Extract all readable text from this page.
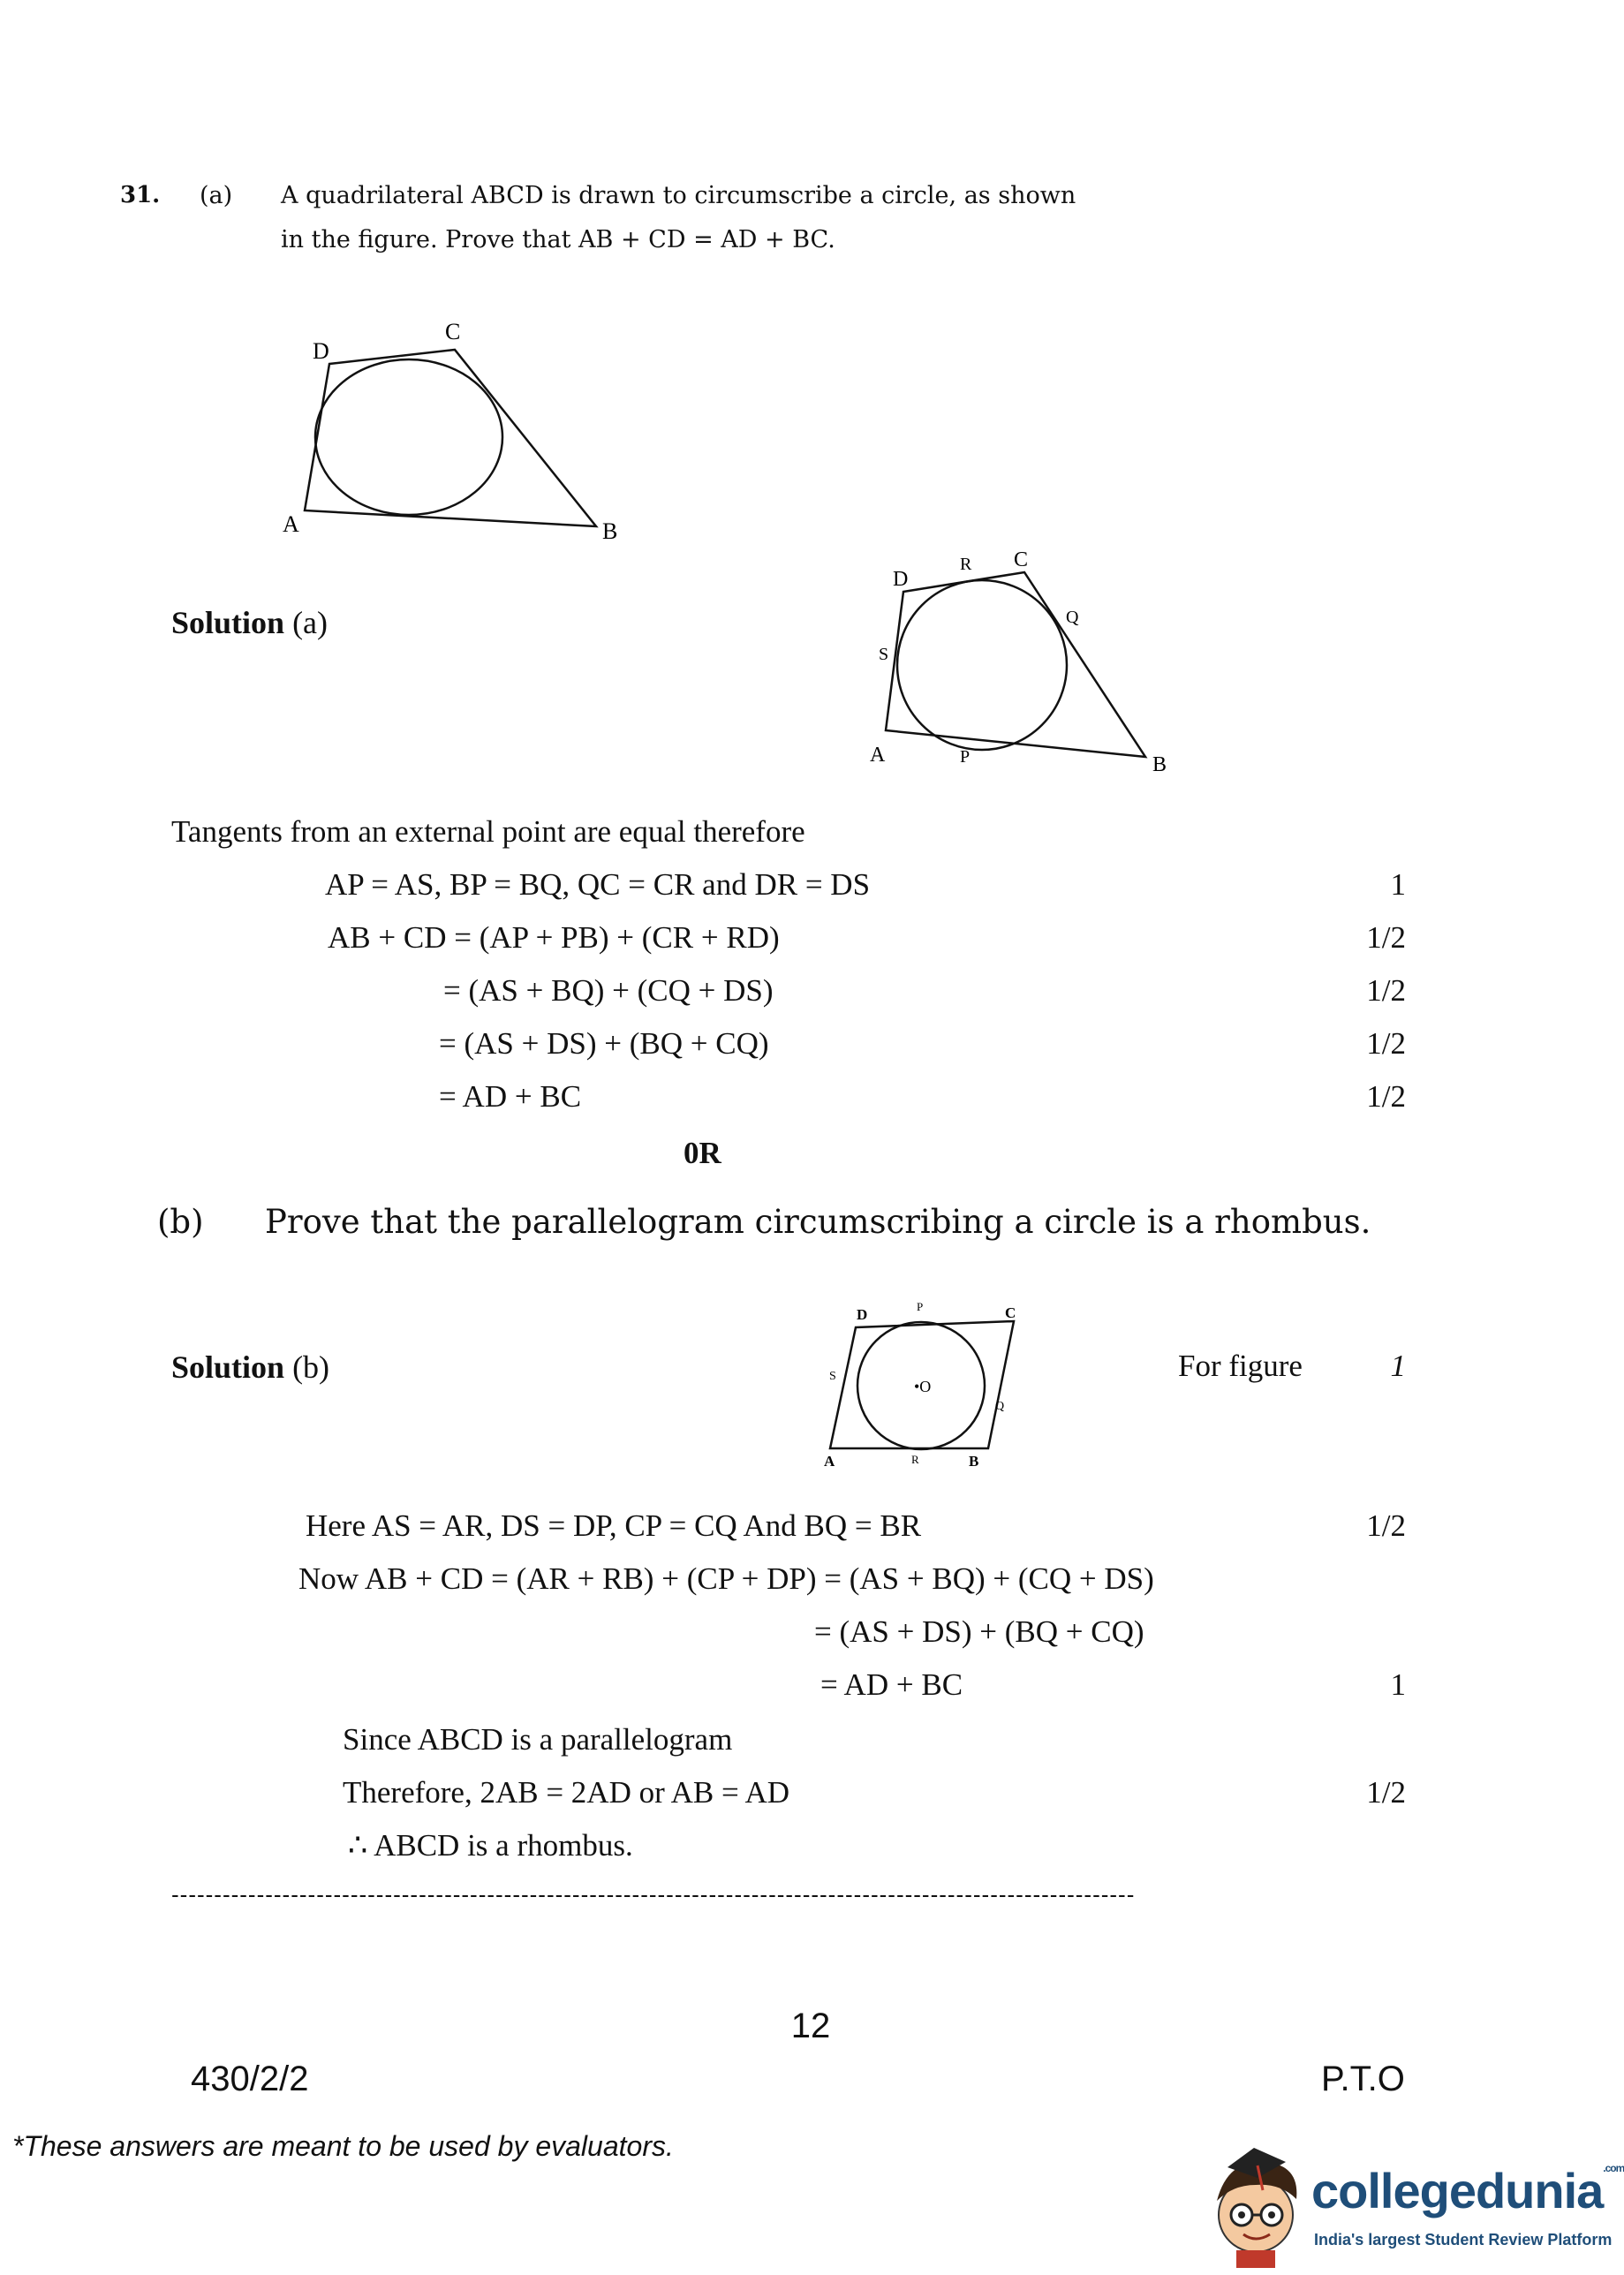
31. (a) A quadrilateral ABCD is drawn to circumscribe a circle, as shown
in the figure. Prove that AB + CD = AD + BC.
D
C
A	B
Solution (a)
D
R C
Q
S
A	P	B
Tangents from an external point are equal therefore
AP = AS, BP = BQ, QC = CR and DR = DS	1
AB + CD = (AP + PB) + (CR + RD)	1/2
= (AS + BQ) + (CQ + DS)	1/2
= (AS + DS) + (BQ + CQ)	1/2
= AD + BC	1/2
0R
(b) Prove that the parallelogram circumscribing a circle is a rhombus.
Solution (b)
D	P	C
S
•O
Q
A	R	B
For figure	1
Here AS = AR, DS = DP, CP = CQ And BQ = BR	1/2
Now AB + CD = (AR + RB) + (CP + DP) = (AS + BQ) + (CQ + DS)
= (AS + DS) + (BQ + CQ)
= AD + BC	1
Since ABCD is a parallelogram
Therefore, 2AB = 2AD or AB = AD	1/2
∴ ABCD is a rhombus.
-----------------------------------------------------------------------------------------------------------------
12
430/2/2	P.T.O
*These answers are meant to be used by evaluators.
collegedunia$^{.com}$
India's largest Student Review Platform
